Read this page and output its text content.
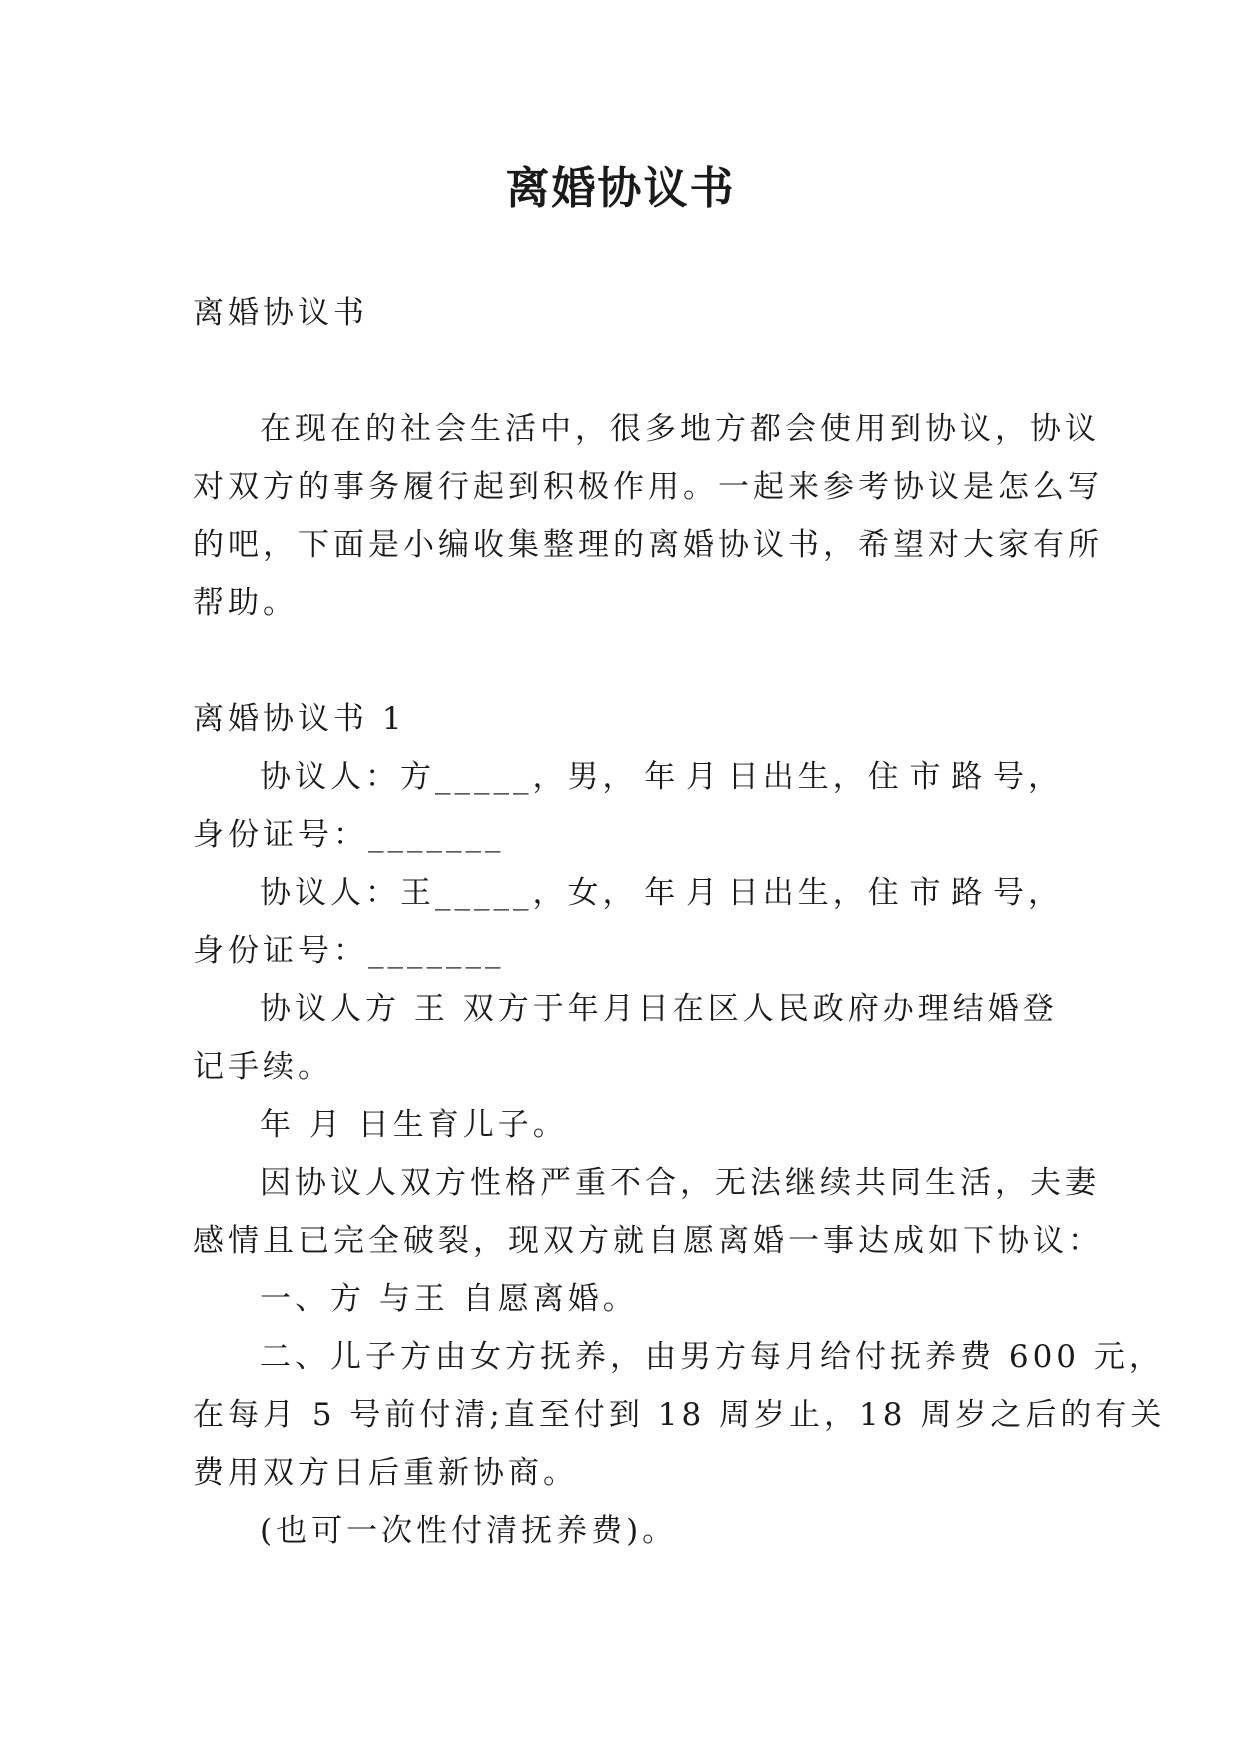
离婚协议书
离婚协议书
在现在的社会生活中，很多地方都会使用到协议，协议
对双方的事务履行起到积极作用。一起来参考协议是怎么写
的吧，下面是小编收集整理的离婚协议书，希望对大家有所
帮助。
离婚协议书 1
协议人：方_____，男， 年 月 日出生，住 市 路 号，
身份证号：_______
协议人：王_____，女， 年 月 日出生，住 市 路 号，
身份证号：_______
协议人方 王 双方于年月日在区人民政府办理结婚登
记手续。
年 月 日生育儿子。
因协议人双方性格严重不合，无法继续共同生活，夫妻
感情且已完全破裂，现双方就自愿离婚一事达成如下协议：
一、方 与王 自愿离婚。
二、儿子方由女方抚养，由男方每月给付抚养费 600 元，
在每月 5 号前付清;直至付到 18 周岁止，18 周岁之后的有关
费用双方日后重新协商。
(也可一次性付清抚养费)。
